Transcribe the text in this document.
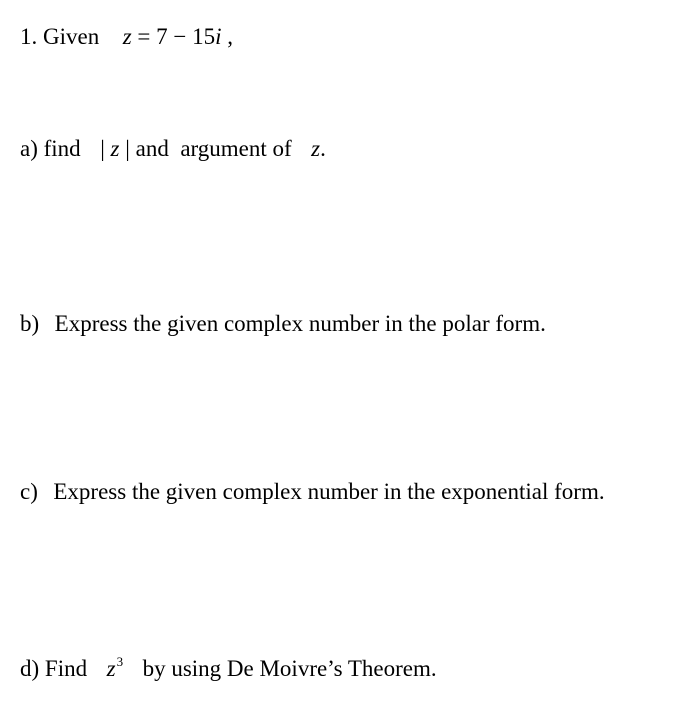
1. Given z = 7 − 15i ,
a) find | z | and  argument of z.
b) Express the given complex number in the polar form.
c) Express the given complex number in the exponential form.
d) Find $z^3$ by using De Moivre’s Theorem.
